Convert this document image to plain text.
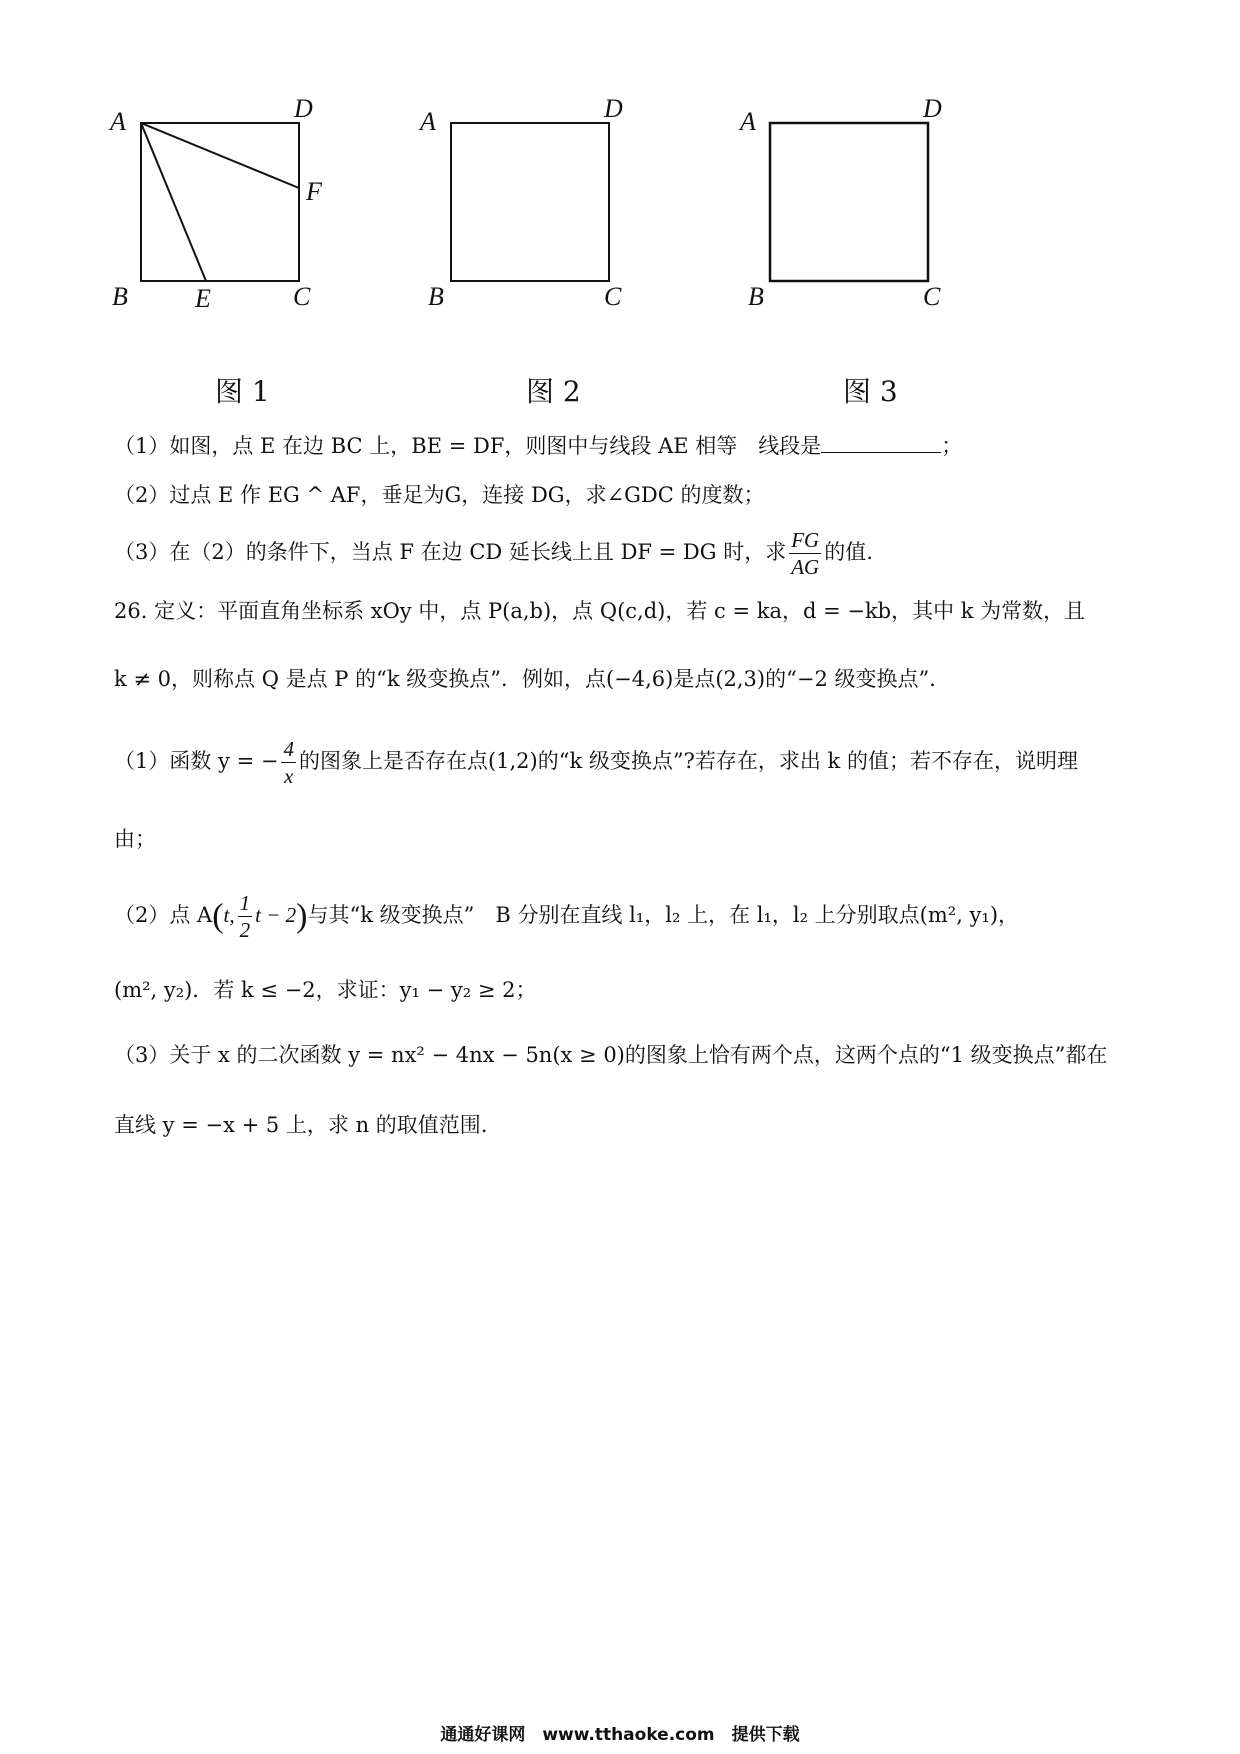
A	D
F
B	E	C
A	D
B	C
A	D
B	C
图 1	图 2	图 3
（1）如图，点 E 在边 BC 上，BE = DF，则图中与线段 AE 相等　线段是	；
（2）过点 E 作 EG ^ AF，垂足为G，连接 DG，求∠GDC 的度数；
（3）在（2）的条件下，当点 F 在边 CD 延长线上且 DF = DG 时，求 $\frac{FG}{AG}$ 的值.
26. 定义：平面直角坐标系 xOy 中，点 P(a,b)，点 Q(c,d)，若 c = ka，d = −kb，其中 k 为常数，且
k ≠ 0，则称点 Q 是点 P 的“k 级变换点”．例如，点(−4,6)是点(2,3)的“−2 级变换点”．
（1）函数 y = − $\frac{4}{x}$ 的图象上是否存在点(1,2)的“k 级变换点”?若存在，求出 k 的值；若不存在，说明理
由；
（2）点 A(t, $\frac{1}{2}$ t − 2)与其“k 级变换点”　B 分别在直线 l₁，l₂ 上，在 l₁，l₂ 上分别取点(m², y₁)，
(m², y₂)．若 k ≤ −2，求证：y₁ − y₂ ≥ 2；
（3）关于 x 的二次函数 y = nx² − 4nx − 5n(x ≥ 0)的图象上恰有两个点，这两个点的“1 级变换点”都在
直线 y = −x + 5 上，求 n 的取值范围.
通通好课网　www.tthaoke.com　提供下载
